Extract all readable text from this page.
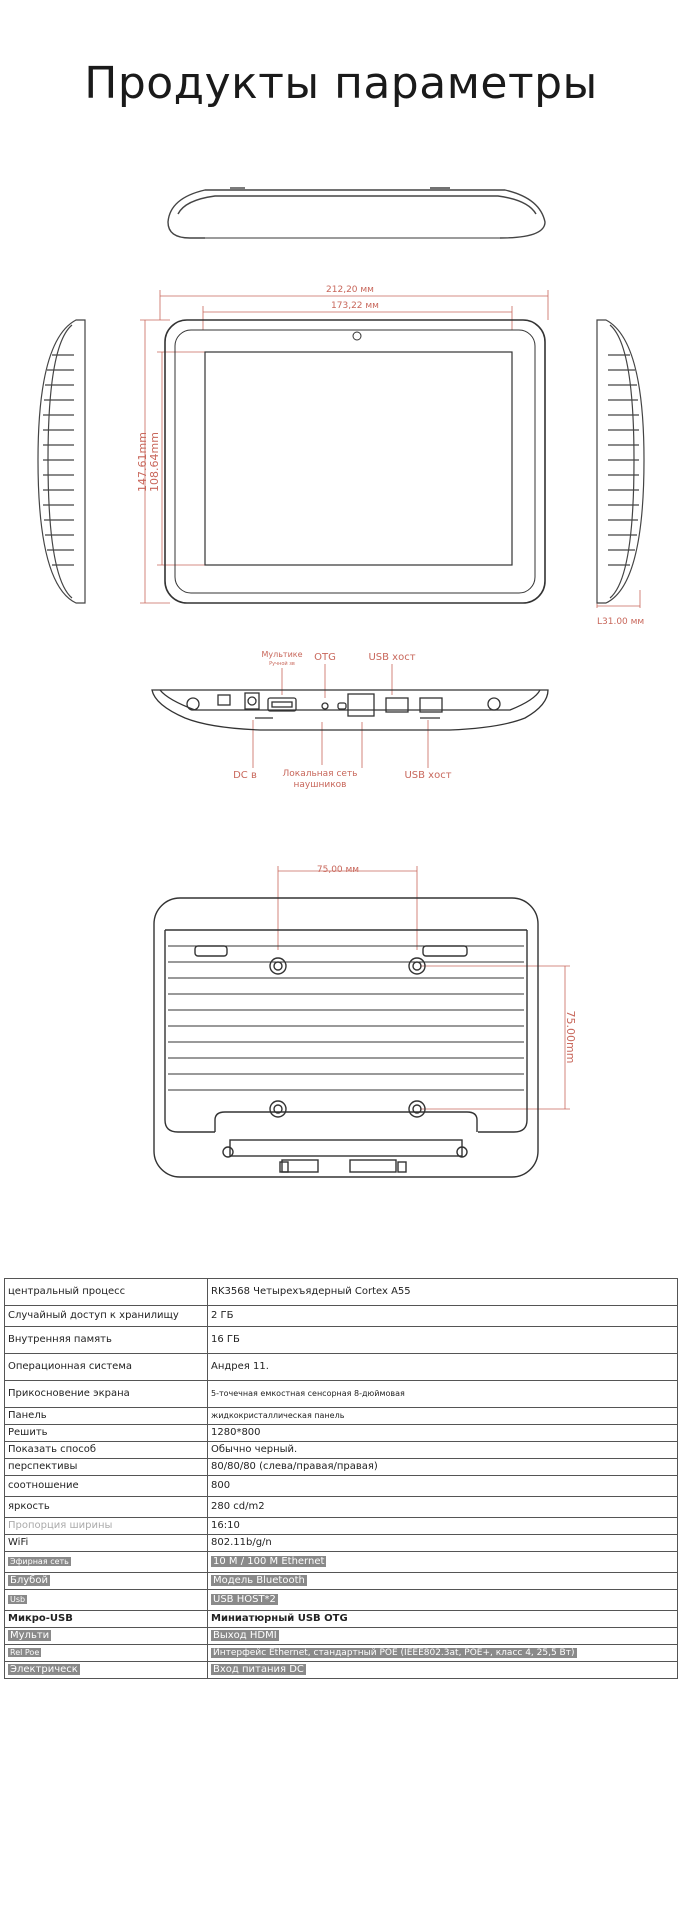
Продукты параметры
212,20 мм
173,22 мм
147.61mm 108.64mm
L31.00 мм
Мультике
Ручной зв
OTG	USB хост
DC в	Локальная сеть
наушников
USB хост
75,00 мм
75.00mm
центральный процесс	RK3568 Четырехъядерный Cortex A55
Случайный доступ к хранилищу	2 ГБ
Внутренняя память	16 ГБ
Операционная система	Андрея 11.
Прикосновение экрана	5-точечная емкостная сенсорная 8-дюймовая
Панель	жидкокристаллическая панель
Решить	1280*800
Показать способ	Обычно черный.
перспективы	80/80/80 (слева/правая/правая)
соотношение	800
яркость	280 cd/m2
Пропорция ширины	16:10
WiFi	802.11b/g/n
Эфирная сеть	10 M / 100 M Ethernet
Блубой	Модель Bluetooth
Usb	USB HOST*2
Микро-USB	Миниатюрный USB OTG
Мульти	Выход HDMI
Rel Poe	Интерфейс Ethernet, стандартный POE (IEEE802.3at, POE+, класс 4, 25,5 Вт)
Электрическ	Вход питания DC
